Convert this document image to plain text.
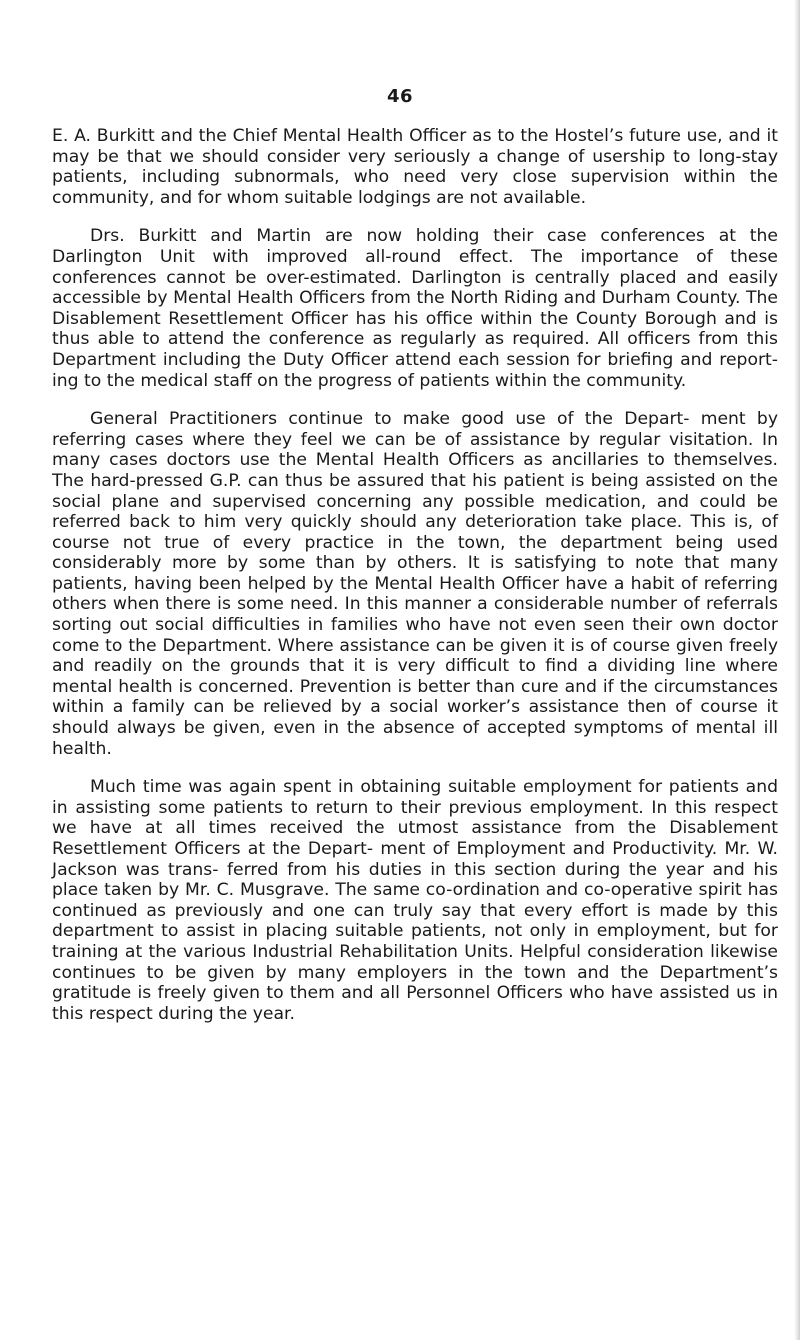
46

E. A. Burkitt and the Chief Mental Health Officer as to the Hostel’s future use, and it may be that we should consider very seriously a change of usership to long-stay patients, including subnormals, who need very close supervision within the community, and for whom suitable lodgings are not available.

Drs. Burkitt and Martin are now holding their case conferences at the Darlington Unit with improved all-round effect. The importance of these conferences cannot be over-estimated. Darlington is centrally placed and easily accessible by Mental Health Officers from the North Riding and Durham County. The Disablement Resettlement Officer has his office within the County Borough and is thus able to attend the conference as regularly as required. All officers from this Department including the Duty Officer attend each session for briefing and report- ing to the medical staff on the progress of patients within the community.

General Practitioners continue to make good use of the Depart- ment by referring cases where they feel we can be of assistance by regular visitation. In many cases doctors use the Mental Health Officers as ancillaries to themselves. The hard-pressed G.P. can thus be assured that his patient is being assisted on the social plane and supervised concerning any possible medication, and could be referred back to him very quickly should any deterioration take place. This is, of course not true of every practice in the town, the department being used considerably more by some than by others. It is satisfying to note that many patients, having been helped by the Mental Health Officer have a habit of referring others when there is some need. In this manner a considerable number of referrals sorting out social difficulties in families who have not even seen their own doctor come to the Department. Where assistance can be given it is of course given freely and readily on the grounds that it is very difficult to find a dividing line where mental health is concerned. Prevention is better than cure and if the circumstances within a family can be relieved by a social worker’s assistance then of course it should always be given, even in the absence of accepted symptoms of mental ill health.

Much time was again spent in obtaining suitable employment for patients and in assisting some patients to return to their previous employment. In this respect we have at all times received the utmost assistance from the Disablement Resettlement Officers at the Depart- ment of Employment and Productivity. Mr. W. Jackson was trans- ferred from his duties in this section during the year and his place taken by Mr. C. Musgrave. The same co-ordination and co-operative spirit has continued as previously and one can truly say that every effort is made by this department to assist in placing suitable patients, not only in employment, but for training at the various Industrial Rehabilitation Units. Helpful consideration likewise continues to be given by many employers in the town and the Department’s gratitude is freely given to them and all Personnel Officers who have assisted us in this respect during the year.
